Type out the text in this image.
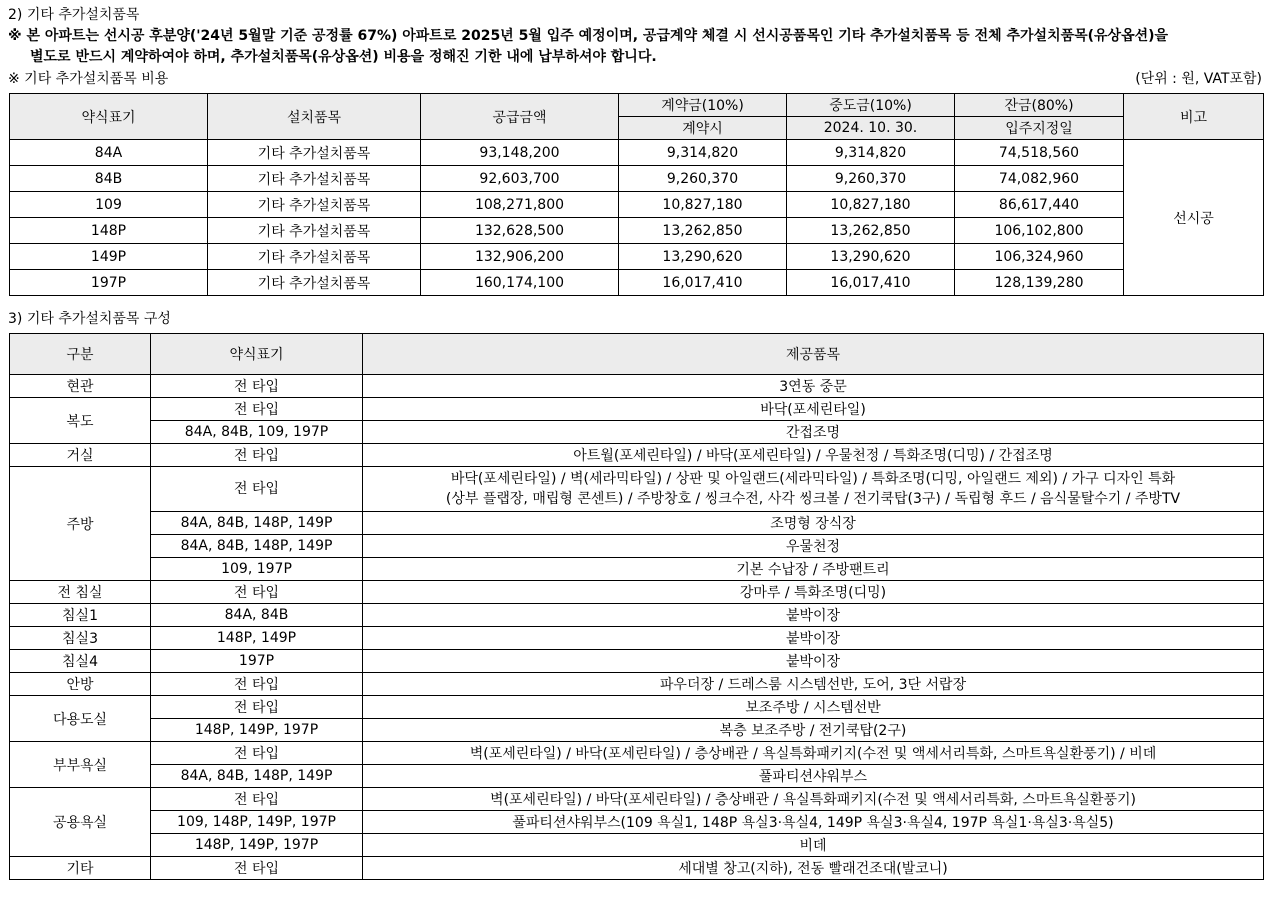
2) 기타 추가설치품목
※ 본 아파트는 선시공 후분양('24년 5월말 기준 공정률 67%) 아파트로 2025년 5월 입주 예정이며, 공급계약 체결 시 선시공품목인 기타 추가설치품목 등 전체 추가설치품목(유상옵션)을
별도로 반드시 계약하여야 하며, 추가설치품목(유상옵션) 비용을 정해진 기한 내에 납부하셔야 합니다.
※ 기타 추가설치품목 비용	(단위 : 원, VAT포함)
약식표기	설치품목	공급금액	계약금(10%)	중도금(10%)	잔금(80%)	비고
			계약시	2024. 10. 30.	입주지정일	
84A	기타 추가설치품목	93,148,200	9,314,820	9,314,820	74,518,560	선시공
84B	기타 추가설치품목	92,603,700	9,260,370	9,260,370	74,082,960	
109	기타 추가설치품목	108,271,800	10,827,180	10,827,180	86,617,440	
148P	기타 추가설치품목	132,628,500	13,262,850	13,262,850	106,102,800	
149P	기타 추가설치품목	132,906,200	13,290,620	13,290,620	106,324,960	
197P	기타 추가설치품목	160,174,100	16,017,410	16,017,410	128,139,280	
3) 기타 추가설치품목 구성
구분	약식표기	제공품목
현관	전 타입	3연동 중문
복도	전 타입	바닥(포세린타일)
	84A, 84B, 109, 197P	간접조명
거실	전 타입	아트월(포세린타일) / 바닥(포세린타일) / 우물천정 / 특화조명(디밍) / 간접조명
주방	전 타입	바닥(포세린타일) / 벽(세라믹타일) / 상판 및 아일랜드(세라믹타일) / 특화조명(디밍, 아일랜드 제외) / 가구 디자인 특화
(상부 플랩장, 매립형 콘센트) / 주방창호 / 씽크수전, 사각 씽크볼 / 전기쿡탑(3구) / 독립형 후드 / 음식물탈수기 / 주방TV

	84A, 84B, 148P, 149P	조명형 장식장
	84A, 84B, 148P, 149P	우물천정
	109, 197P	기본 수납장 / 주방팬트리
전 침실	전 타입	강마루 / 특화조명(디밍)
침실1	84A, 84B	붙박이장
침실3	148P, 149P	붙박이장
침실4	197P	붙박이장
안방	전 타입	파우더장 / 드레스룸 시스템선반, 도어, 3단 서랍장
다용도실	전 타입	보조주방 / 시스템선반
	148P, 149P, 197P	복층 보조주방 / 전기쿡탑(2구)
부부욕실	전 타입	벽(포세린타일) / 바닥(포세린타일) / 층상배관 / 욕실특화패키지(수전 및 액세서리특화, 스마트욕실환풍기) / 비데
	84A, 84B, 148P, 149P	풀파티션샤워부스
공용욕실	전 타입	벽(포세린타일) / 바닥(포세린타일) / 층상배관 / 욕실특화패키지(수전 및 액세서리특화, 스마트욕실환풍기)
	109, 148P, 149P, 197P	풀파티션샤워부스(109 욕실1, 148P 욕실3·욕실4, 149P 욕실3·욕실4, 197P 욕실1·욕실3·욕실5)
	148P, 149P, 197P	비데
기타	전 타입	세대별 창고(지하), 전동 빨래건조대(발코니)
